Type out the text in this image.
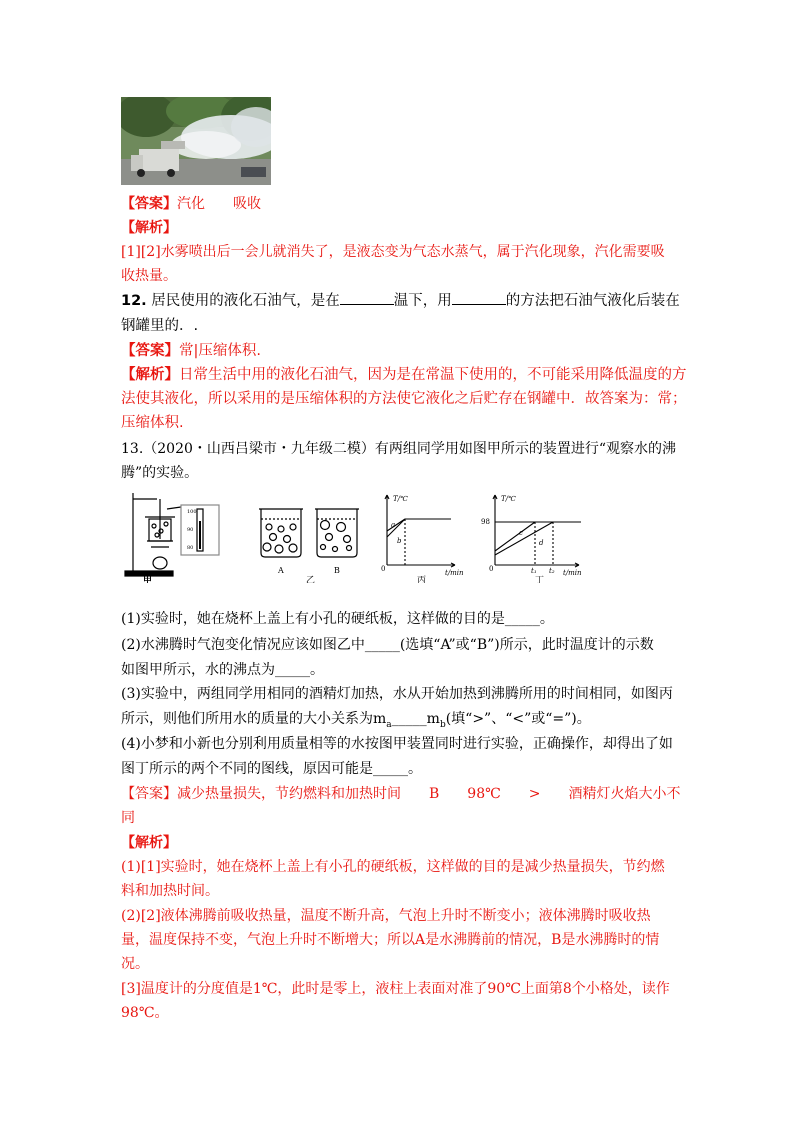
【答案】汽化　　吸收
【解析】
[1][2]水雾喷出后一会儿就消失了，是液态变为气态水蒸气，属于汽化现象，汽化需要吸
收热量。
12. 居民使用的液化石油气，是在	温下，用	的方法把石油气液化后装在
钢罐里的．.
【答案】常|压缩体积.
【解析】日常生活中用的液化石油气，因为是在常温下使用的，不可能采用降低温度的方
法使其液化，所以采用的是压缩体积的方法使它液化之后贮存在钢罐中．故答案为：常；
压缩体积.
13.（2020・山西吕梁市・九年级二模）有两组同学用如图甲所示的装置进行“观察水的沸
腾”的实验。
100
90
80
甲
A	B
乙
T/℃
a
b
0	t/min
丙
T/℃
98
c
d
0	t₁ t₂ t/min
丁
(1)实验时，她在烧杯上盖上有小孔的硬纸板，这样做的目的是_____。
(2)水沸腾时气泡变化情况应该如图乙中_____(选填“A”或“B”)所示，此时温度计的示数
如图甲所示，水的沸点为_____。
(3)实验中，两组同学用相同的酒精灯加热，水从开始加热到沸腾所用的时间相同，如图丙
所示，则他们所用水的质量的大小关系为$m_a\_\_\_\_\_m_b$(填“>”、“<”或“=”)。
(4)小梦和小新也分别利用质量相等的水按图甲装置同时进行实验，正确操作，却得出了如
图丁所示的两个不同的图线，原因可能是_____。
【答案】减少热量损失，节约燃料和加热时间　　B　　98℃　　>　　酒精灯火焰大小不
同
【解析】
(1)[1]实验时，她在烧杯上盖上有小孔的硬纸板，这样做的目的是减少热量损失，节约燃
料和加热时间。
(2)[2]液体沸腾前吸收热量，温度不断升高，气泡上升时不断变小；液体沸腾时吸收热
量，温度保持不变，气泡上升时不断增大；所以A是水沸腾前的情况，B是水沸腾时的情
况。
[3]温度计的分度值是1℃，此时是零上，液柱上表面对准了90℃上面第8个小格处，读作
98℃。
